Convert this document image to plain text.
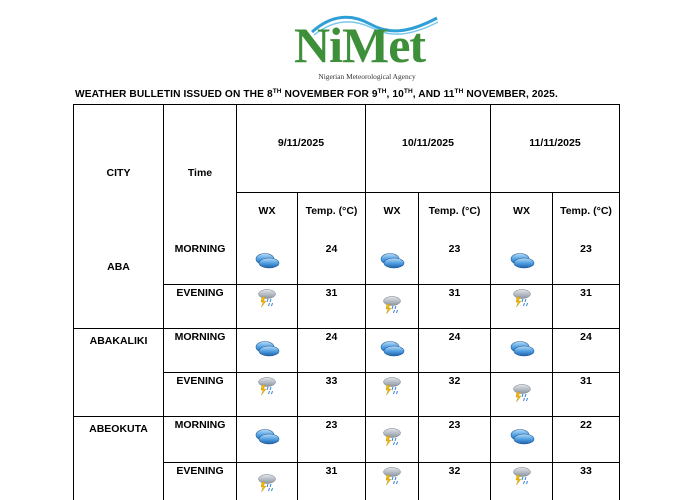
NiMet
Nigerian Meteorological Agency
WEATHER BULLETIN ISSUED ON THE 8TH NOVEMBER FOR 9TH, 10TH, AND 11TH NOVEMBER, 2025.
CITY	Time	9/11/2025		10/11/2025		11/11/2025	

		WX	Temp. (°C)	WX	Temp. (°C)	WX	Temp. (°C)

ABA	MORNING		24		23		23
	EVENING		31		31		31
ABAKALIKI	MORNING		24		24		24
	EVENING		33		32		31
ABEOKUTA	MORNING		23		23		22
	EVENING		31		32		33
